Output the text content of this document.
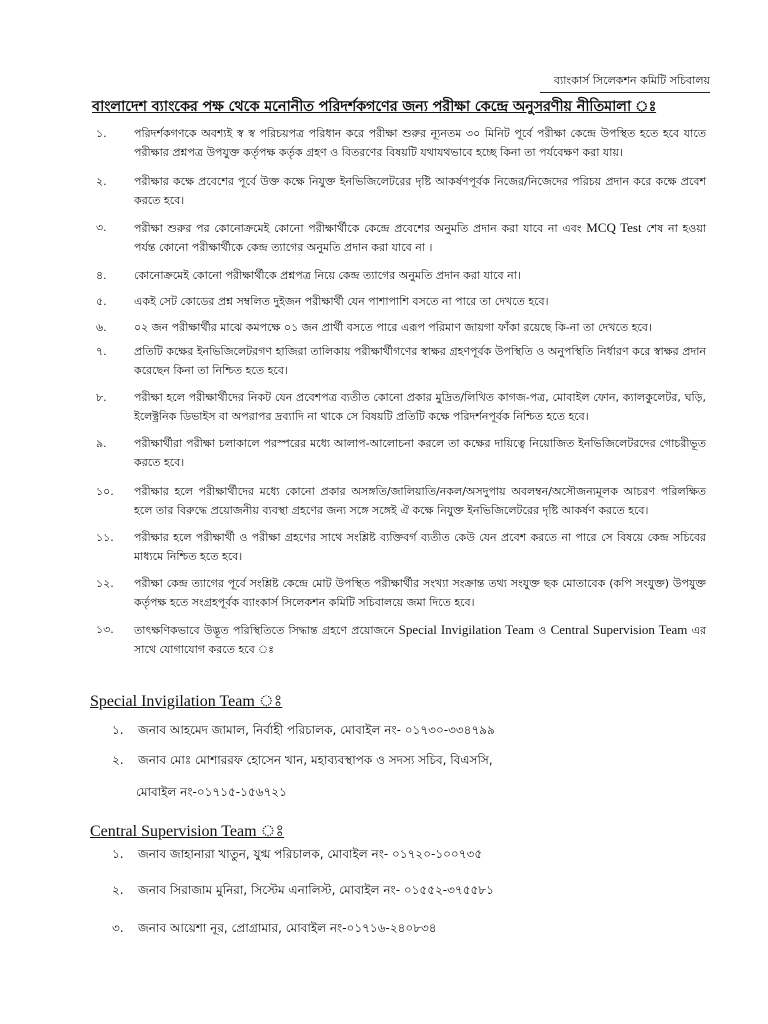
ব্যাংকার্স সিলেকশন কমিটি সচিবালয়
বাংলাদেশ ব্যাংকের পক্ষ থেকে মনোনীত পরিদর্শকগণের জন্য পরীক্ষা কেন্দ্রে অনুসরণীয় নীতিমালা ঃ
১.	পরিদর্শকগণকে অবশ্যই স্ব স্ব পরিচয়পত্র পরিধান করে পরীক্ষা শুরুর ন্যূনতম ৩০ মিনিট পূর্বে পরীক্ষা কেন্দ্রে উপস্থিত হতে হবে যাতে পরীক্ষার প্রশ্নপত্র উপযুক্ত কর্তৃপক্ষ কর্তৃক গ্রহণ ও বিতরণের বিষয়টি যথাযথভাবে হচ্ছে কিনা তা পর্যবেক্ষণ করা যায়।
২.	পরীক্ষার কক্ষে প্রবেশের পূর্বে উক্ত কক্ষে নিযুক্ত ইনভিজিলেটরের দৃষ্টি আকর্ষণপূর্বক নিজের/নিজেদের পরিচয় প্রদান করে কক্ষে প্রবেশ করতে হবে।
৩.	পরীক্ষা শুরুর পর কোনোক্রমেই কোনো পরীক্ষার্থীকে কেন্দ্রে প্রবেশের অনুমতি প্রদান করা যাবে না এবং MCQ Test শেষ না হওয়া পর্যন্ত কোনো পরীক্ষার্থীকে কেন্দ্র ত্যাগের অনুমতি প্রদান করা যাবে না ।
৪.	কোনোক্রমেই কোনো পরীক্ষার্থীকে প্রশ্নপত্র নিয়ে কেন্দ্র ত্যাগের অনুমতি প্রদান করা যাবে না।
৫.	একই সেট কোডের প্রশ্ন সম্বলিত দুইজন পরীক্ষার্থী যেন পাশাপাশি বসতে না পারে তা দেখতে হবে।
৬.	০২ জন পরীক্ষার্থীর মাঝে কমপক্ষে ০১ জন প্রার্থী বসতে পারে এরূপ পরিমাণ জায়গা ফাঁকা রয়েছে কি-না তা দেখতে হবে।
৭.	প্রতিটি কক্ষের ইনভিজিলেটরগণ হাজিরা তালিকায় পরীক্ষার্থীগণের স্বাক্ষর গ্রহণপূর্বক উপস্থিতি ও অনুপস্থিতি নির্ধারণ করে স্বাক্ষর প্রদান করেছেন কিনা তা নিশ্চিত হতে হবে।
৮.	পরীক্ষা হলে পরীক্ষার্থীদের নিকট যেন প্রবেশপত্র ব্যতীত কোনো প্রকার মুদ্রিত/লিখিত কাগজ-পত্র, মোবাইল ফোন, ক্যালকুলেটর, ঘড়ি, ইলেক্ট্রনিক ডিভাইস বা অপরাপর দ্রব্যাদি না থাকে সে বিষয়টি প্রতিটি কক্ষে পরিদর্শনপূর্বক নিশ্চিত হতে হবে।
৯.	পরীক্ষার্থীরা পরীক্ষা চলাকালে পরস্পরের মধ্যে আলাপ-আলোচনা করলে তা কক্ষের দায়িত্বে নিয়োজিত ইনভিজিলেটরদের গোচরীভূত করতে হবে।
১০.	পরীক্ষার হলে পরীক্ষার্থীদের মধ্যে কোনো প্রকার অসঙ্গতি/জালিয়াতি/নকল/অসদুপায় অবলম্বন/অসৌজন্যমূলক আচরণ পরিলক্ষিত হলে তার বিরুদ্ধে প্রয়োজনীয় ব্যবস্থা গ্রহণের জন্য সঙ্গে সঙ্গেই ঐ কক্ষে নিযুক্ত ইনভিজিলেটরের দৃষ্টি আকর্ষণ করতে হবে।
১১.	পরীক্ষার হলে পরীক্ষার্থী ও পরীক্ষা গ্রহণের সাথে সংশ্লিষ্ট ব্যক্তিবর্গ ব্যতীত কেউ যেন প্রবেশ করতে না পারে সে বিষয়ে কেন্দ্র সচিবের মাধ্যমে নিশ্চিত হতে হবে।
১২.	পরীক্ষা কেন্দ্র ত্যাগের পূর্বে সংশ্লিষ্ট কেন্দ্রে মোট উপস্থিত পরীক্ষার্থীর সংখ্যা সংক্রান্ত তথ্য সংযুক্ত ছক মোতাবেক (কপি সংযুক্ত) উপযুক্ত কর্তৃপক্ষ হতে সংগ্রহপূর্বক ব্যাংকার্স সিলেকশন কমিটি সচিবালয়ে জমা দিতে হবে।
১৩.	তাৎক্ষণিকভাবে উদ্ভূত পরিস্থিতিতে সিদ্ধান্ত গ্রহণে প্রয়োজনে Special Invigilation Team ও Central Supervision Team এর সাথে যোগাযোগ করতে হবে ঃ
Special Invigilation Team ঃ
১. জনাব আহমেদ জামাল, নির্বাহী পরিচালক, মোবাইল নং- ০১৭৩০-৩৩৪৭৯৯
২. জনাব মোঃ মোশাররফ হোসেন খান, মহাব্যবস্থাপক ও সদস্য সচিব, বিএসসি,
মোবাইল নং-০১৭১৫-১৫৬৭২১
Central Supervision Team ঃ
১. জনাব জাহানারা খাতুন, যুগ্ম পরিচালক, মোবাইল নং- ০১৭২০-১০০৭৩৫
২. জনাব সিরাজাম মুনিরা, সিস্টেম এনালিস্ট, মোবাইল নং- ০১৫৫২-৩৭৫৫৮১
৩. জনাব আয়েশা নূর, প্রোগ্রামার, মোবাইল নং-০১৭১৬-২৪০৮৩৪
